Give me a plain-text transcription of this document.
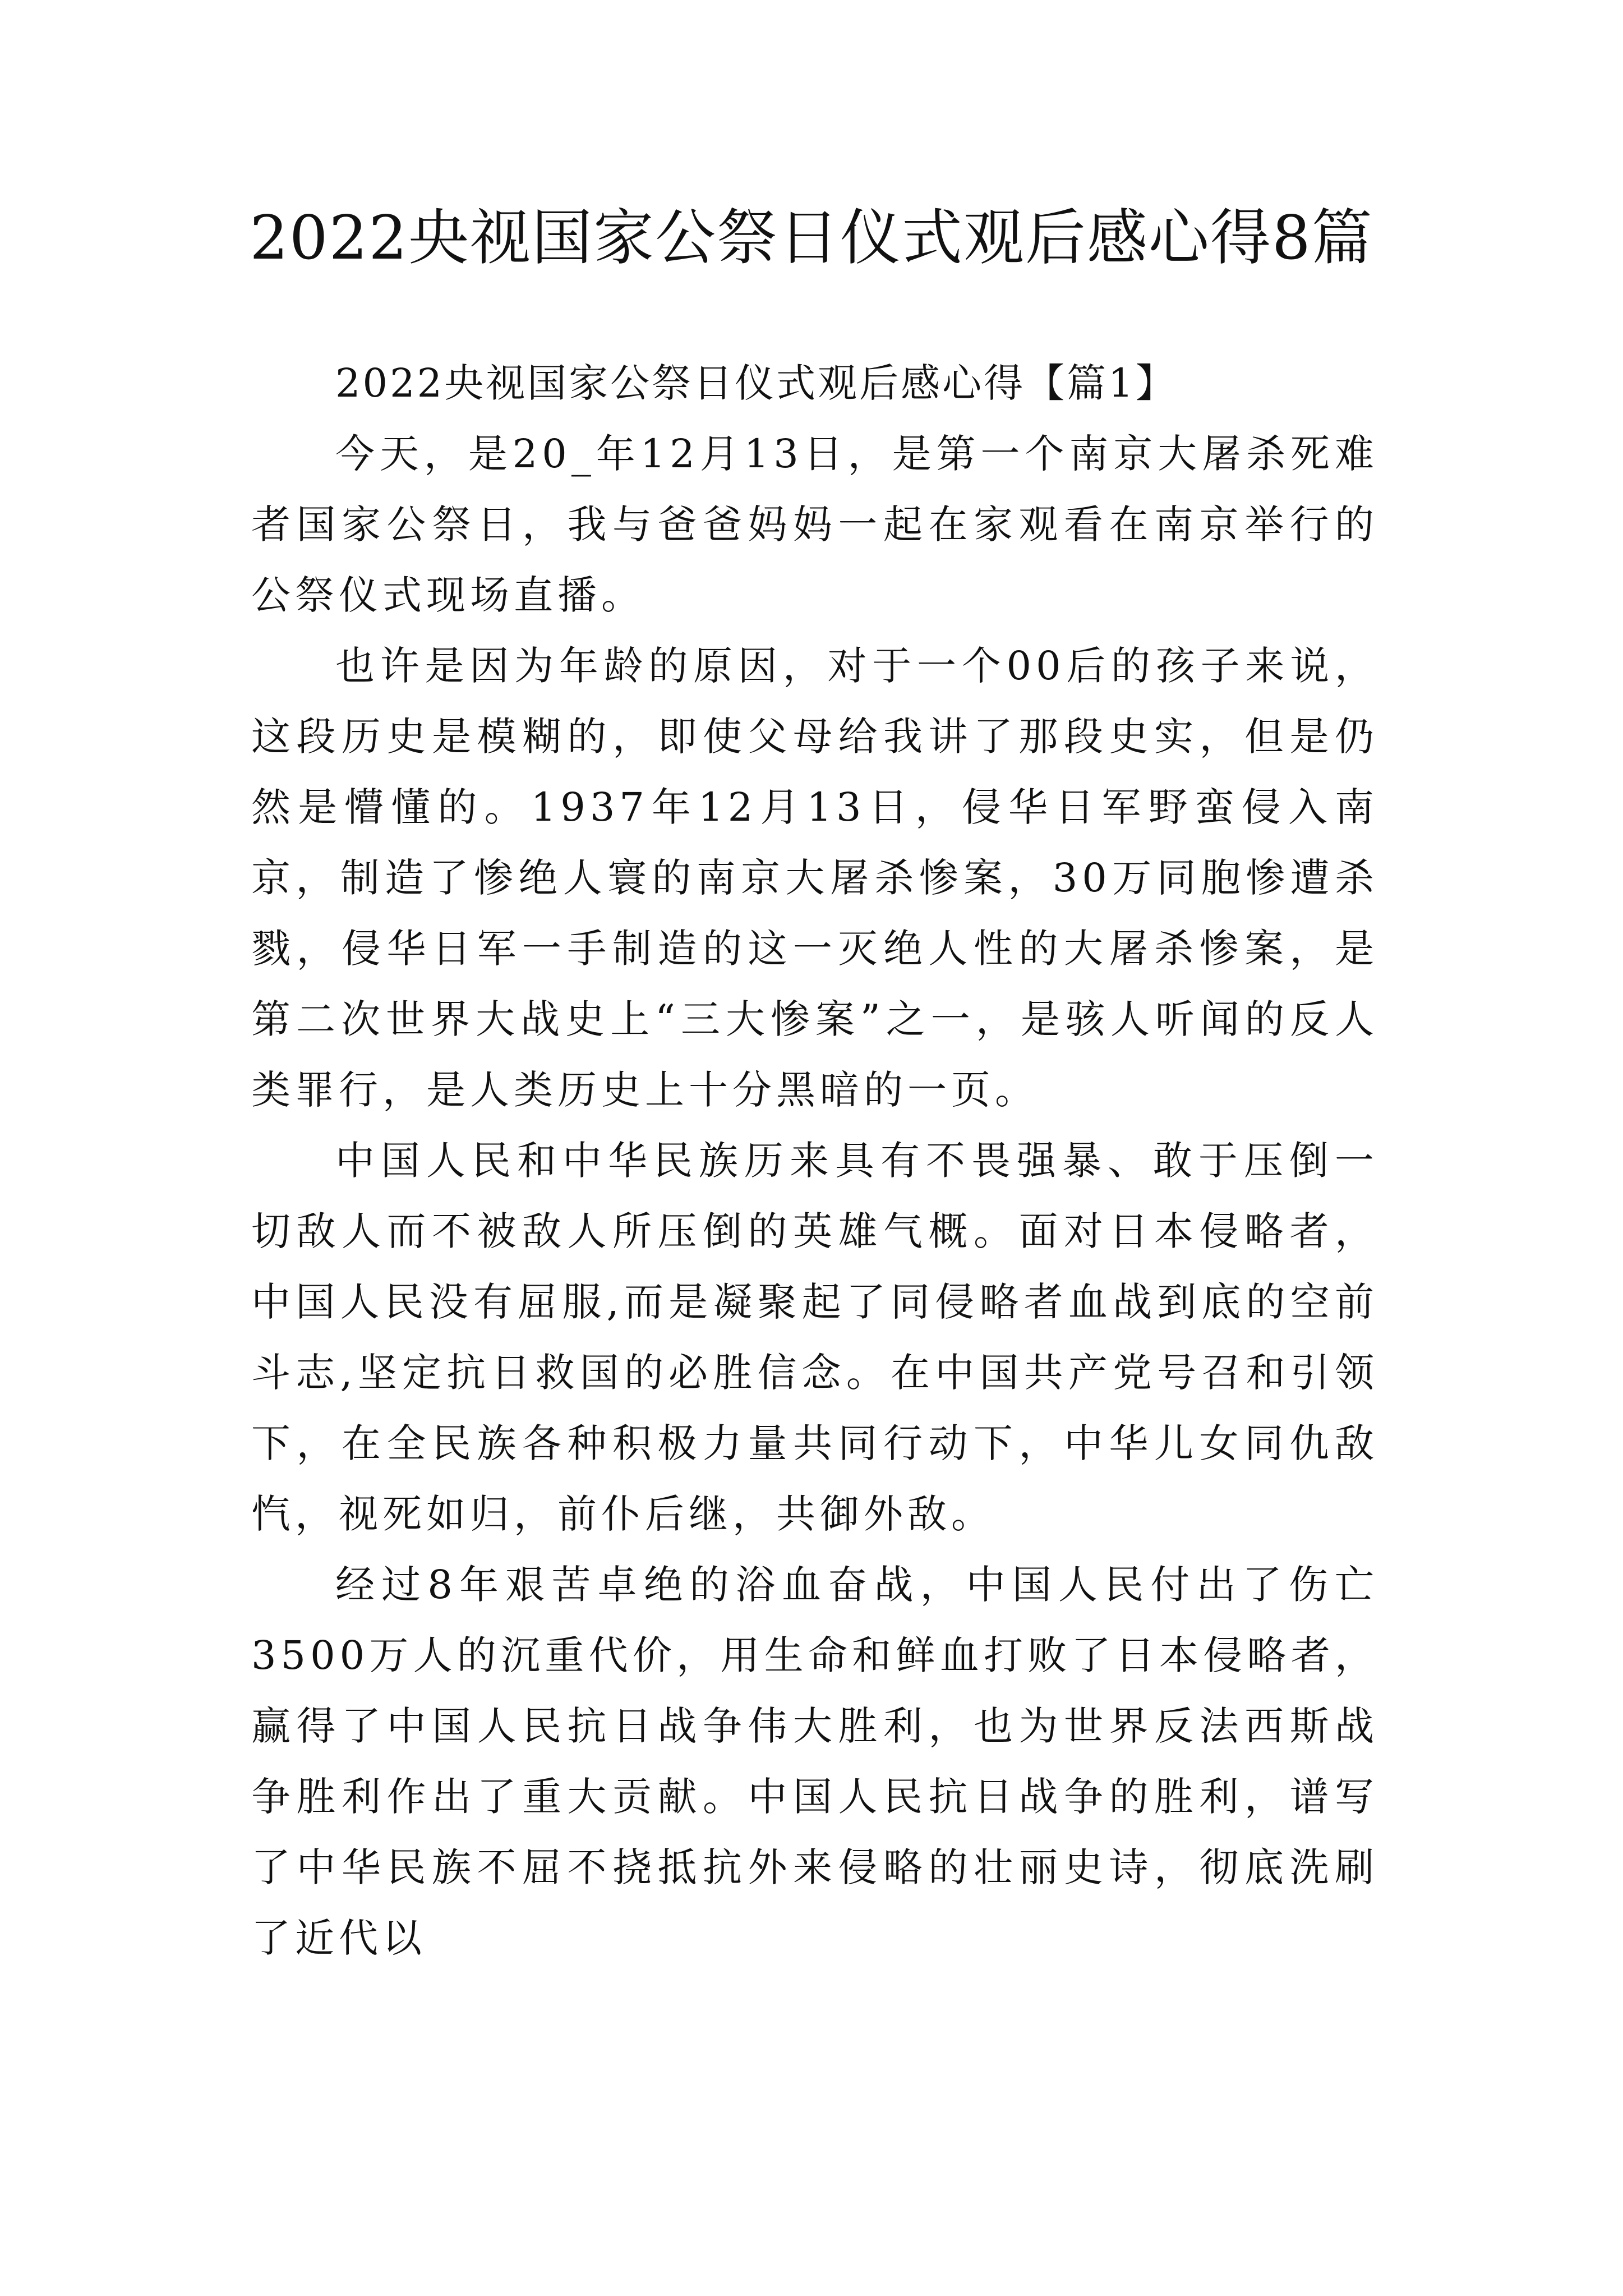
2022央视国家公祭日仪式观后感心得8篇
2022央视国家公祭日仪式观后感心得【篇1】

今天，是20_年12月13日，是第一个南京大屠杀死难者国家公祭日，我与爸爸妈妈一起在家观看在南京举行的公祭仪式现场直播。

也许是因为年龄的原因，对于一个00后的孩子来说，这段历史是模糊的，即使父母给我讲了那段史实，但是仍然是懵懂的。1937年12月13日，侵华日军野蛮侵入南京，制造了惨绝人寰的南京大屠杀惨案，30万同胞惨遭杀戮，侵华日军一手制造的这一灭绝人性的大屠杀惨案，是第二次世界大战史上“三大惨案”之一，是骇人听闻的反人类罪行，是人类历史上十分黑暗的一页。

中国人民和中华民族历来具有不畏强暴、敢于压倒一切敌人而不被敌人所压倒的英雄气概。面对日本侵略者，中国人民没有屈服,而是凝聚起了同侵略者血战到底的空前斗志,坚定抗日救国的必胜信念。在中国共产党号召和引领下，在全民族各种积极力量共同行动下，中华儿女同仇敌忾，视死如归，前仆后继，共御外敌。

经过8年艰苦卓绝的浴血奋战，中国人民付出了伤亡3500万人的沉重代价，用生命和鲜血打败了日本侵略者，赢得了中国人民抗日战争伟大胜利，也为世界反法西斯战争胜利作出了重大贡献。中国人民抗日战争的胜利，谱写了中华民族不屈不挠抵抗外来侵略的壮丽史诗，彻底洗刷了近代以
